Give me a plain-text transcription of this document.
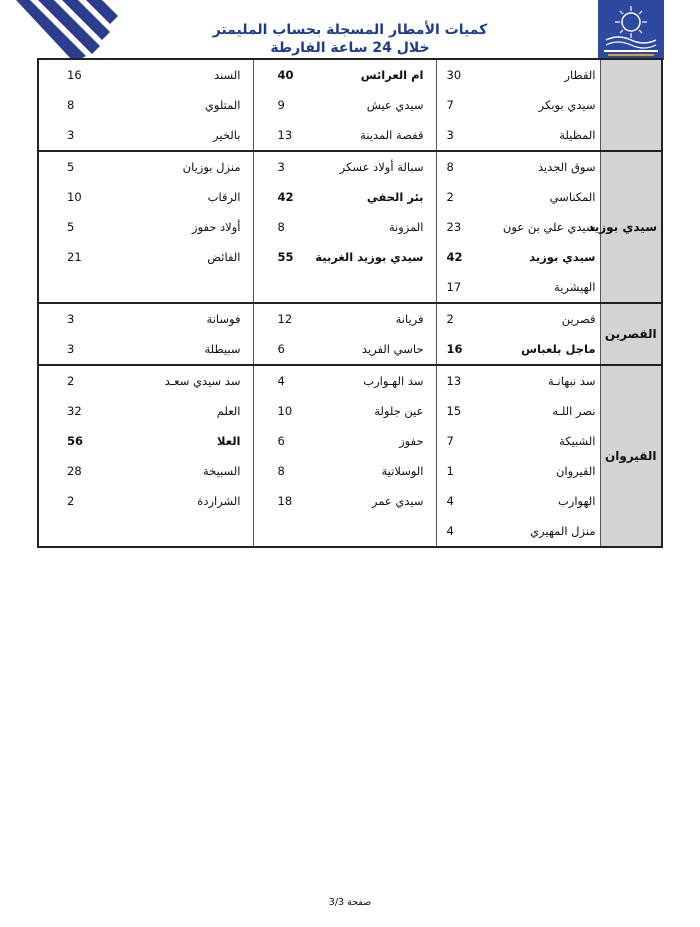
كميات الأمطار المسجلة بحساب المليمتر
خلال 24 ساعة الفارطة
	القطار	30	ام العرائس	40	السند	16
	سيدي بوبكر	7	سيدي عيش	9	المتلوي	8
	المظيلة	3	قفصة المدينة	13	بالخير	3
سيدي بوزيد	سوق الجديد	8	سبالة أولاد عسكر	3	منزل بوزيان	5
	المكناسي	2	بئر الحفي	42	الرقاب	10
	سيدي علي بن عون	23	المزونة	8	أولاد حفوز	5
	سيدي بوزيد	42	سيدي بوزيد الغربية	55	الفائض	21
	الهيشرية	17				
القصرين	قصرين	2	فريانة	12	فوسانة	3
	ماجل بلعباس	16	حاسي الفريد	6	سبيطلة	3
القيروان	سد نبهانـة	13	سد الهـوارب	4	سد سيدي سعـد	2
	نصر اللـه	15	عين جلولة	10	العلم	32
	الشبيكة	7	حفوز	6	العلا	56
	القيروان	1	الوسلاتية	8	السبيخة	28
	الهوارب	4	سيدي عمر	18	الشراردة	2
	منزل المهيري	4				
صفحة 3/3
